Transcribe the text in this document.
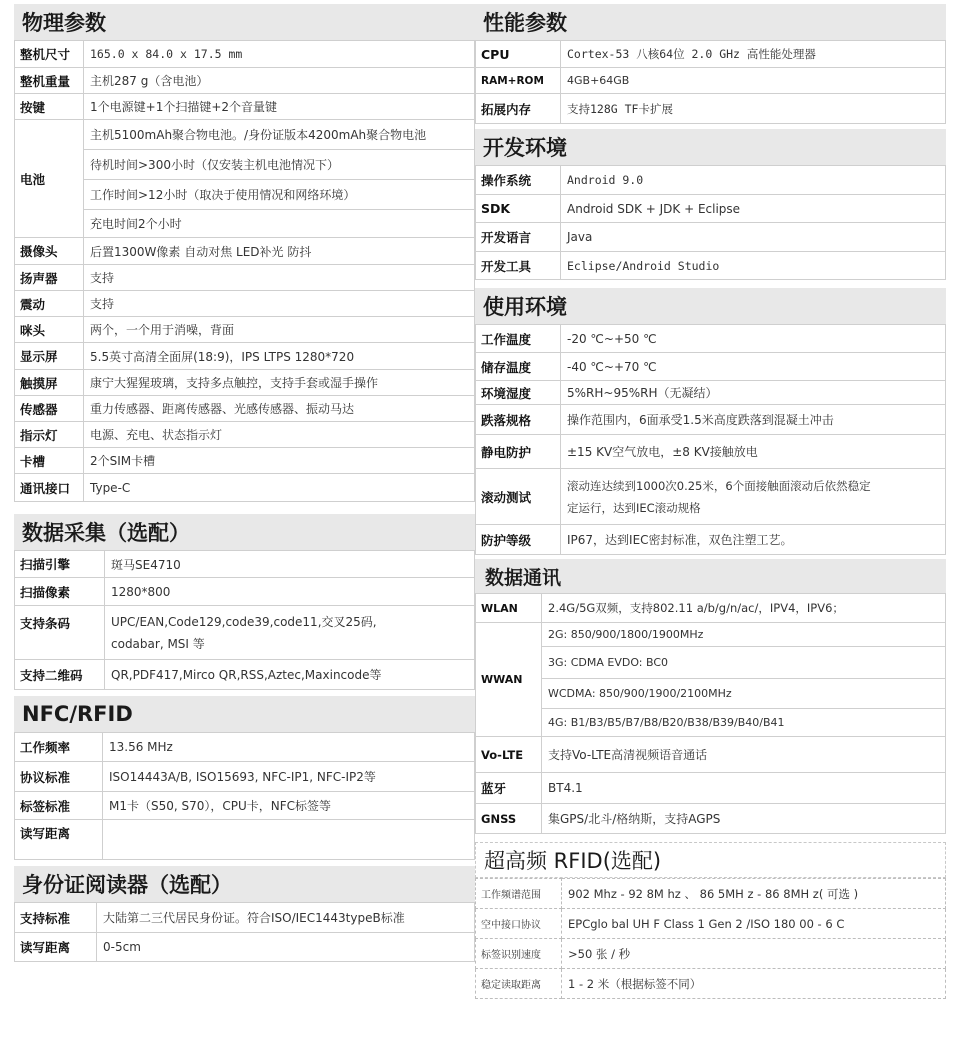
物理参数
整机尺寸	165.0 x 84.0 x 17.5 mm
整机重量	主机287 g（含电池）
按键	1个电源键+1个扫描键+2个音量键
电池	主机5100mAh聚合物电池。/身份证版本4200mAh聚合物电池
	待机时间>300小时（仅安装主机电池情况下）
	工作时间>12小时（取决于使用情况和网络环境）
	充电时间2个小时
摄像头	后置1300W像素 自动对焦 LED补光 防抖
扬声器	支持
震动	支持
咪头	两个，一个用于消噪，背面
显示屏	5.5英寸高清全面屏(18:9)，IPS LTPS 1280*720
触摸屏	康宁大猩猩玻璃，支持多点触控，支持手套或湿手操作
传感器	重力传感器、距离传感器、光感传感器、振动马达
指示灯	电源、充电、状态指示灯
卡槽	2个SIM卡槽
通讯接口	Type-C
数据采集（选配）
扫描引擎	斑马SE4710
扫描像素	1280*800
支持条码	UPC/EAN,Code129,code39,code11,交叉25码,
codabar, MSI 等

支持二维码	QR,PDF417,Mirco QR,RSS,Aztec,Maxincode等
NFC/RFID
工作频率	13.56 MHz
协议标准	ISO14443A/B, ISO15693, NFC-IP1, NFC-IP2等
标签标准	M1卡（S50, S70），CPU卡，NFC标签等
读写距离	
身份证阅读器（选配）
支持标准	大陆第二三代居民身份证。符合ISO/IEC1443typeB标准
读写距离	0-5cm
性能参数
CPU	Cortex-53 八核64位 2.0 GHz 高性能处理器
RAM+ROM	4GB+64GB
拓展内存	支持128G TF卡扩展
开发环境
操作系统	Android 9.0
SDK	Android SDK + JDK + Eclipse
开发语言	Java
开发工具	Eclipse/Android Studio
使用环境
工作温度	-20 ℃~+50 ℃
储存温度	-40 ℃~+70 ℃
环境湿度	5%RH~95%RH（无凝结）
跌落规格	操作范围内，6面承受1.5米高度跌落到混凝土冲击
静电防护	±15 KV空气放电，±8 KV接触放电
滚动测试	滚动连达续到1000次0.25米，6个面接触面滚动后依然稳定
定运行，达到IEC滚动规格

防护等级	IP67，达到IEC密封标准，双色注塑工艺。
数据通讯
WLAN	2.4G/5G双频，支持802.11 a/b/g/n/ac/，IPV4，IPV6；
WWAN	2G: 850/900/1800/1900MHz
	3G: CDMA EVDO: BC0
	WCDMA: 850/900/1900/2100MHz
	4G: B1/B3/B5/B7/B8/B20/B38/B39/B40/B41
Vo-LTE	支持Vo-LTE高清视频语音通话
蓝牙	BT4.1
GNSS	集GPS/北斗/格纳斯，支持AGPS
超高频 RFID(选配)
工作频谱范围	902 Mhz - 92 8M hz 、 86 5MH z - 86 8MH z( 可选 )
空中接口协议	EPCglo bal UH F Class 1 Gen 2 /ISO 180 00 - 6 C
标签识别速度	>50 张 / 秒
稳定读取距离	1 - 2 米（根据标签不同）
